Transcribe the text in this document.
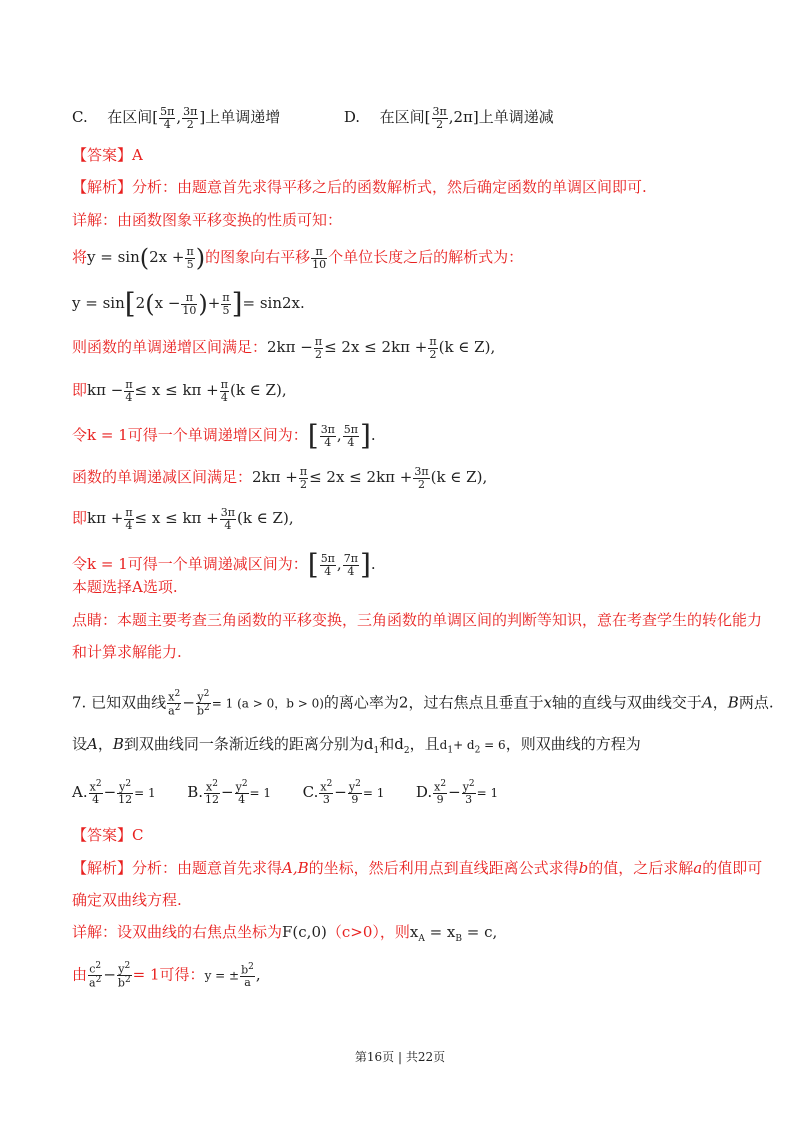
C. 在区间[ $\frac{5\pi}{4}$ , $\frac{3\pi}{2}$ ]上单调递增	D. 在区间[ $\frac{3\pi}{2} ,2\pi$]上单调递减
【答案】A
【解析】分析：由题意首先求得平移之后的函数解析式，然后确定函数的单调区间即可.
详解：由函数图象平移变换的性质可知：
将$y = \sin(2x + \frac{\pi}{5}$ )的图象向右平移 $\frac{\pi}{10}$ 个单位长度之后的解析式为：
$y = \sin[2(x - \frac{\pi}{10}$ )+ $\frac{\pi}{5}$ ]= sin2x.
则函数的单调递增区间满足：$2k\pi - \frac{\pi}{2} \le 2x \le 2k\pi + \frac{\pi}{2} (k$ ∈ Z),
即$k\pi - \frac{\pi}{4} \le x \le k\pi + \frac{\pi}{4} (k$ ∈ Z),
令k = 1可得一个单调递增区间为：[ $\frac{3\pi}{4}$ , $\frac{5\pi}{4}$ ].
函数的单调递减区间满足：$2k\pi + \frac{\pi}{2} \le 2x \le 2k\pi + \frac{3\pi}{2} (k$ ∈ Z),
即$k\pi + \frac{\pi}{4} \le x \le k\pi + \frac{3\pi}{4} (k$ ∈ Z),
令k = 1可得一个单调递减区间为：[ $\frac{5\pi}{4}$ , $\frac{7\pi}{4}$ ].
本题选择A选项.
点睛：本题主要考查三角函数的平移变换，三角函数的单调区间的判断等知识，意在考查学生的转化能力
和计算求解能力.
7. 已知双曲线 $\frac{x^2}{a^2} - \frac{y^2}{b^2} = 1$ (a > 0，b > 0)的离心率为2，过右焦点且垂直于x轴的直线与双曲线交于A，B两点.
设A，B到双曲线同一条渐近线的距离分别为$d_1$和$d_2$，且$d_1+ d_2 = 6$，则双曲线的方程为
A. $\frac{x^2}{4} - \frac{y^2}{12} = 1$ B. $\frac{x^2}{12} - \frac{y^2}{4} = 1$ C. $\frac{x^2}{3} - \frac{y^2}{9} = 1$ D. $\frac{x^2}{9} - \frac{y^2}{3} = 1$
【答案】C
【解析】分析：由题意首先求得A,B的坐标，然后利用点到直线距离公式求得b的值，之后求解a的值即可
确定双曲线方程.
详解：设双曲线的右焦点坐标为F(c,0)（c>0），则$x_A = x_B = c$,
由 $\frac{c^2}{a^2} - \frac{y^2}{b^2} = 1$可得：y = ± $\frac{b^2}{a}$ ,
第16页 | 共22页
